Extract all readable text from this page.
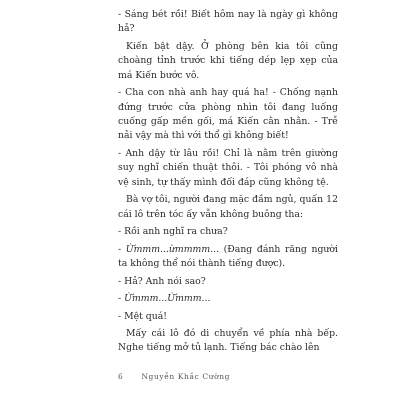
- Sáng bét rồi! Biết hôm nay là ngày gì không hả?

Kiến bật dậy. Ở phòng bên kia tôi cũng choàng tỉnh trước khi tiếng dép lẹp xẹp của má Kiến bước vô.

- Cha con nhà anh hay quá ha! - Chống nạnh đứng trước cửa phòng nhìn tôi đang luống cuống gấp mền gối, má Kiến cằn nhằn. - Trễ nải vậy mà thì với thổ gì không biết!

- Anh dậy từ lâu rồi! Chỉ là nằm trên giường suy nghĩ chiến thuật thôi. - Tôi phóng vô nhà vệ sinh, tự thấy mình đối đáp cũng không tệ.

Bà vợ tôi, người đang mặc đầm ngủ, quấn 12 cái lô trên tóc ấy vẫn không buông tha:

- Rồi anh nghĩ ra chưa?

- Ừmmm...ừmmmm... (Đang đánh răng người ta không thể nói thành tiếng được).

- Hả? Anh nói sao?

- Ừmmm...Ừmmm...

- Mệt quá!

Mấy cái lô đó di chuyển về phía nhà bếp. Nghe tiếng mở tủ lạnh. Tiếng bác chào lên

6 Nguyễn Khắc Cường
